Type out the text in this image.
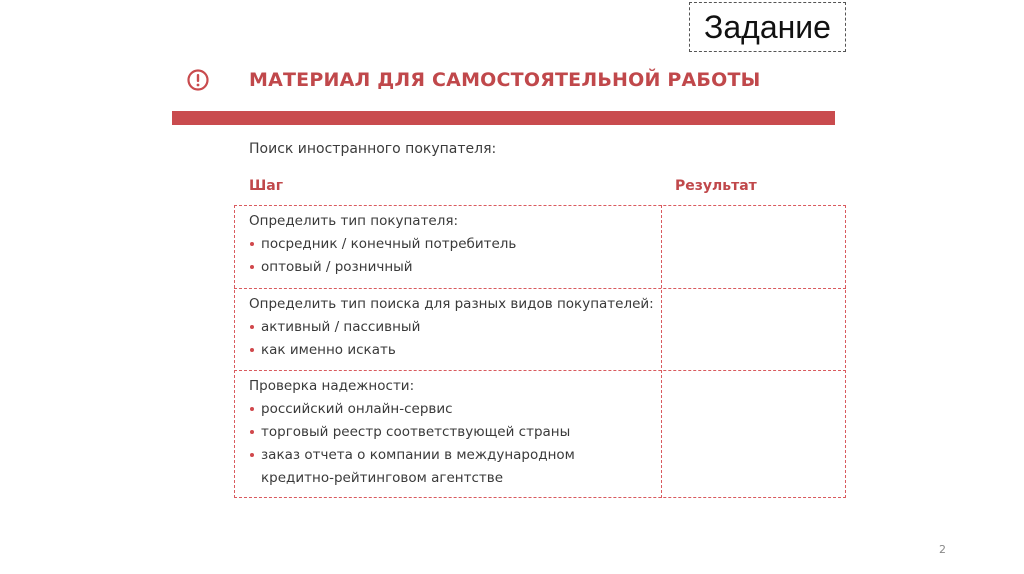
Задание
МАТЕРИАЛ ДЛЯ САМОСТОЯТЕЛЬНОЙ РАБОТЫ
Поиск иностранного покупателя:
Шаг	Результат
Определить тип покупателя:
посредник / конечный потребитель
оптовый / розничный
Определить тип поиска для разных видов покупателей:
активный / пассивный
как именно искать
Проверка надежности:
российский онлайн-сервис
торговый реестр соответствующей страны
заказ отчета о компании в международном
кредитно-рейтинговом агентстве
2
